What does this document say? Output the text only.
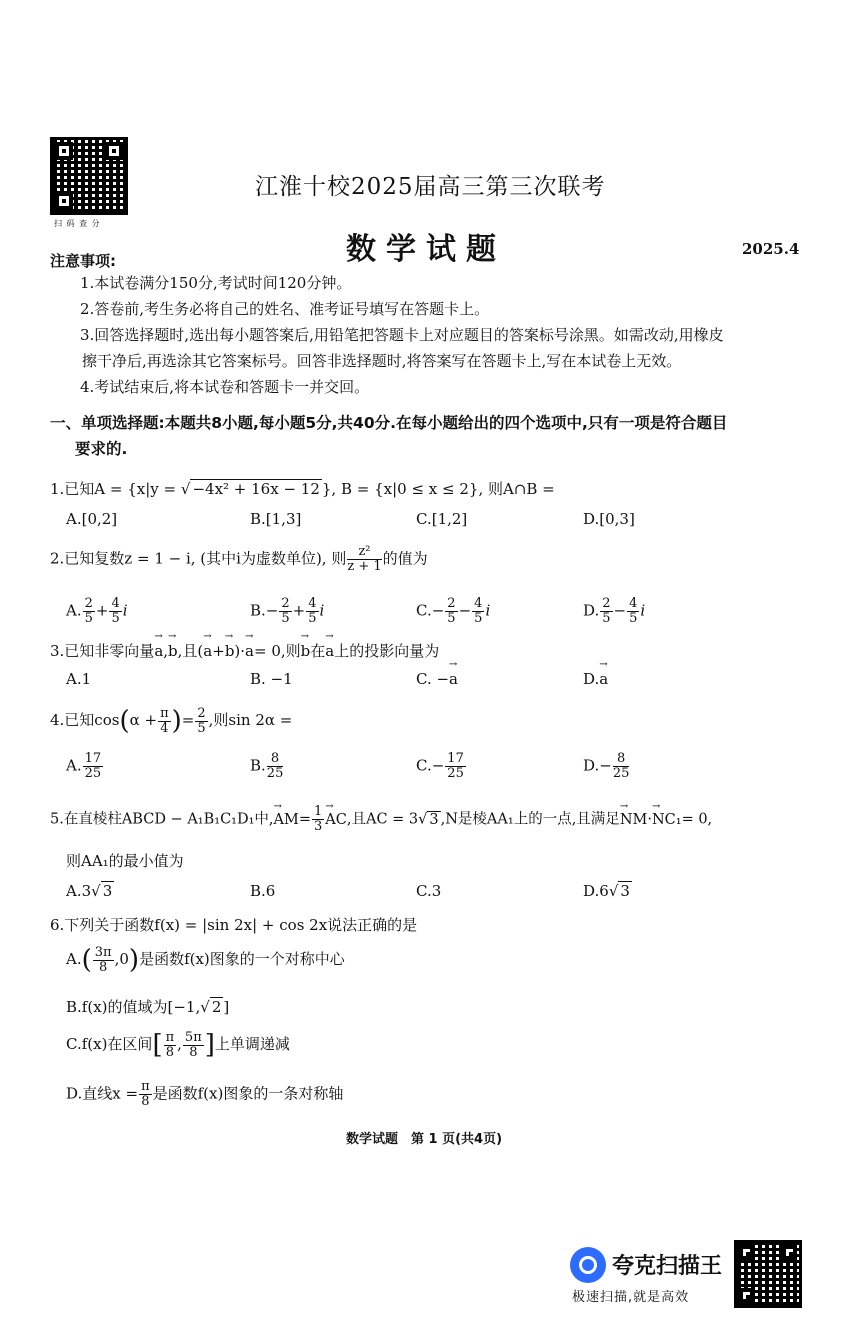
扫 码 查 分
江淮十校2025届高三第三次联考
数学试题	2025.4
注意事项:
1.本试卷满分150分,考试时间120分钟。
2.答卷前,考生务必将自己的姓名、准考证号填写在答题卡上。
3.回答选择题时,选出每小题答案后,用铅笔把答题卡上对应题目的答案标号涂黑。如需改动,用橡皮
擦干净后,再选涂其它答案标号。回答非选择题时,将答案写在答题卡上,写在本试卷上无效。
4.考试结束后,将本试卷和答题卡一并交回。
一、单项选择题:本题共8小题,每小题5分,共40分.在每小题给出的四个选项中,只有一项是符合题目
要求的.
1.已知A = {x|y = √ −4x² + 16x − 12 }, B = {x|0 ≤ x ≤ 2}, 则A∩B =
A.[0,2]	B.[1,3]	C.[1,2]	D.[0,3]
2.已知复数z = 1 − i, (其中i为虚数单位), 则 $\frac{\text{z²}}{z + 1}$ 的值为
A. $\frac{2}{5} + \frac{4}{5}$ i	$B.- \frac{2}{5} + \frac{4}{5}$ i	$C.- \frac{2}{5} - \frac{4}{5}$ i	D. $\frac{2}{5} - \frac{4}{5}$ i
3.已知非零向量→ a,→ b,且(→ a+→ b)·→ a= 0,则→ b在→ a上的投影向量为
A.1	B. −1	C. −→ a	D.→ a
4.已知$\cos(\alpha + \frac{\pi}{4}$ )= $\frac{2}{5}$ ,则sin 2α =
A. $\frac{17}{25}$	B. $\frac{8}{25}$	$C.- \frac{17}{25}$	$D.- \frac{8}{25}$
5.在直棱柱ABCD − A₁B₁C₁D₁中,→ $AM= \frac{1}{3}$
→ AC,且AC = 3√ 3 ,N是棱AA₁上的一点,且满足→ NM·→ NC₁= 0,
则AA₁的最小值为
A.3√ 3	B.6	C.3	D.6√ 3
6.下列关于函数f(x) = |sin 2x| + cos 2x说法正确的是
$A.( \frac{3\pi}{8} ,0)$是函数f(x)图象的一个对称中心
B.f(x)的值域为[−1,√ 2 ]
C.f(x)在区间[ $\frac{\pi}{8}$ , $\frac{5\pi}{8}$ ]上单调递减
D.直线$x = \frac{\pi}{8}$ 是函数f(x)图象的一条对称轴
数学试题　第 1 页(共4页)
夸克扫描王
极速扫描,就是高效
